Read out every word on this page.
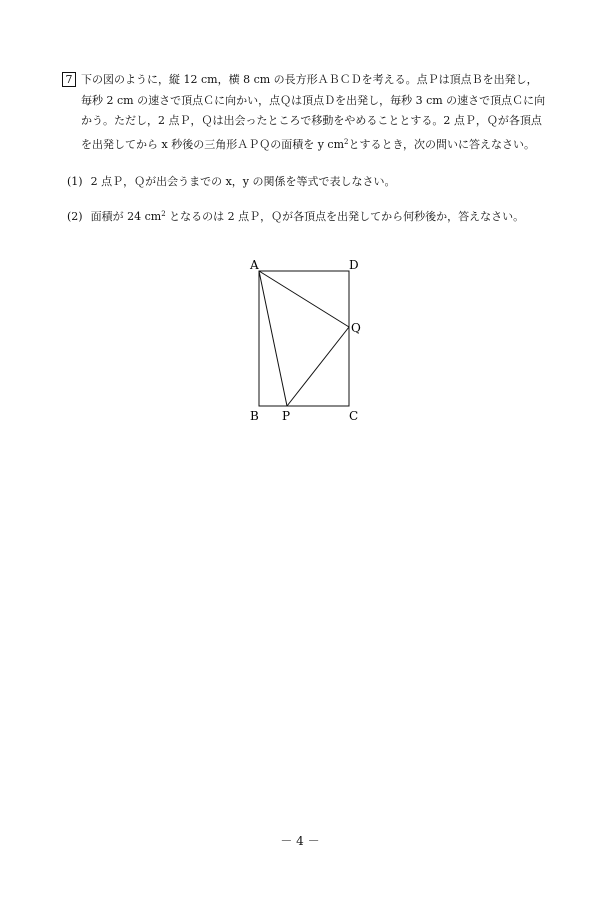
7 下の図のように，縦 12 cm，横 8 cm の長方形ＡＢＣＤを考える。点Ｐは頂点Ｂを出発し，
毎秒 2 cm の速さで頂点Ｃに向かい，点Ｑは頂点Ｄを出発し，毎秒 3 cm の速さで頂点Ｃに向
かう。ただし，2 点Ｐ，Ｑは出会ったところで移動をやめることとする。2 点Ｐ，Ｑが各頂点
を出発してから x 秒後の三角形ＡＰＱの面積を y $cm^2$とするとき，次の問いに答えなさい。
(1) 2 点Ｐ，Ｑが出会うまでの x，y の関係を等式で表しなさい。
(2) 面積が 24 $cm^2$ となるのは 2 点Ｐ，Ｑが各頂点を出発してから何秒後か，答えなさい。
A	D
Q
B P	C
－ 4 －
